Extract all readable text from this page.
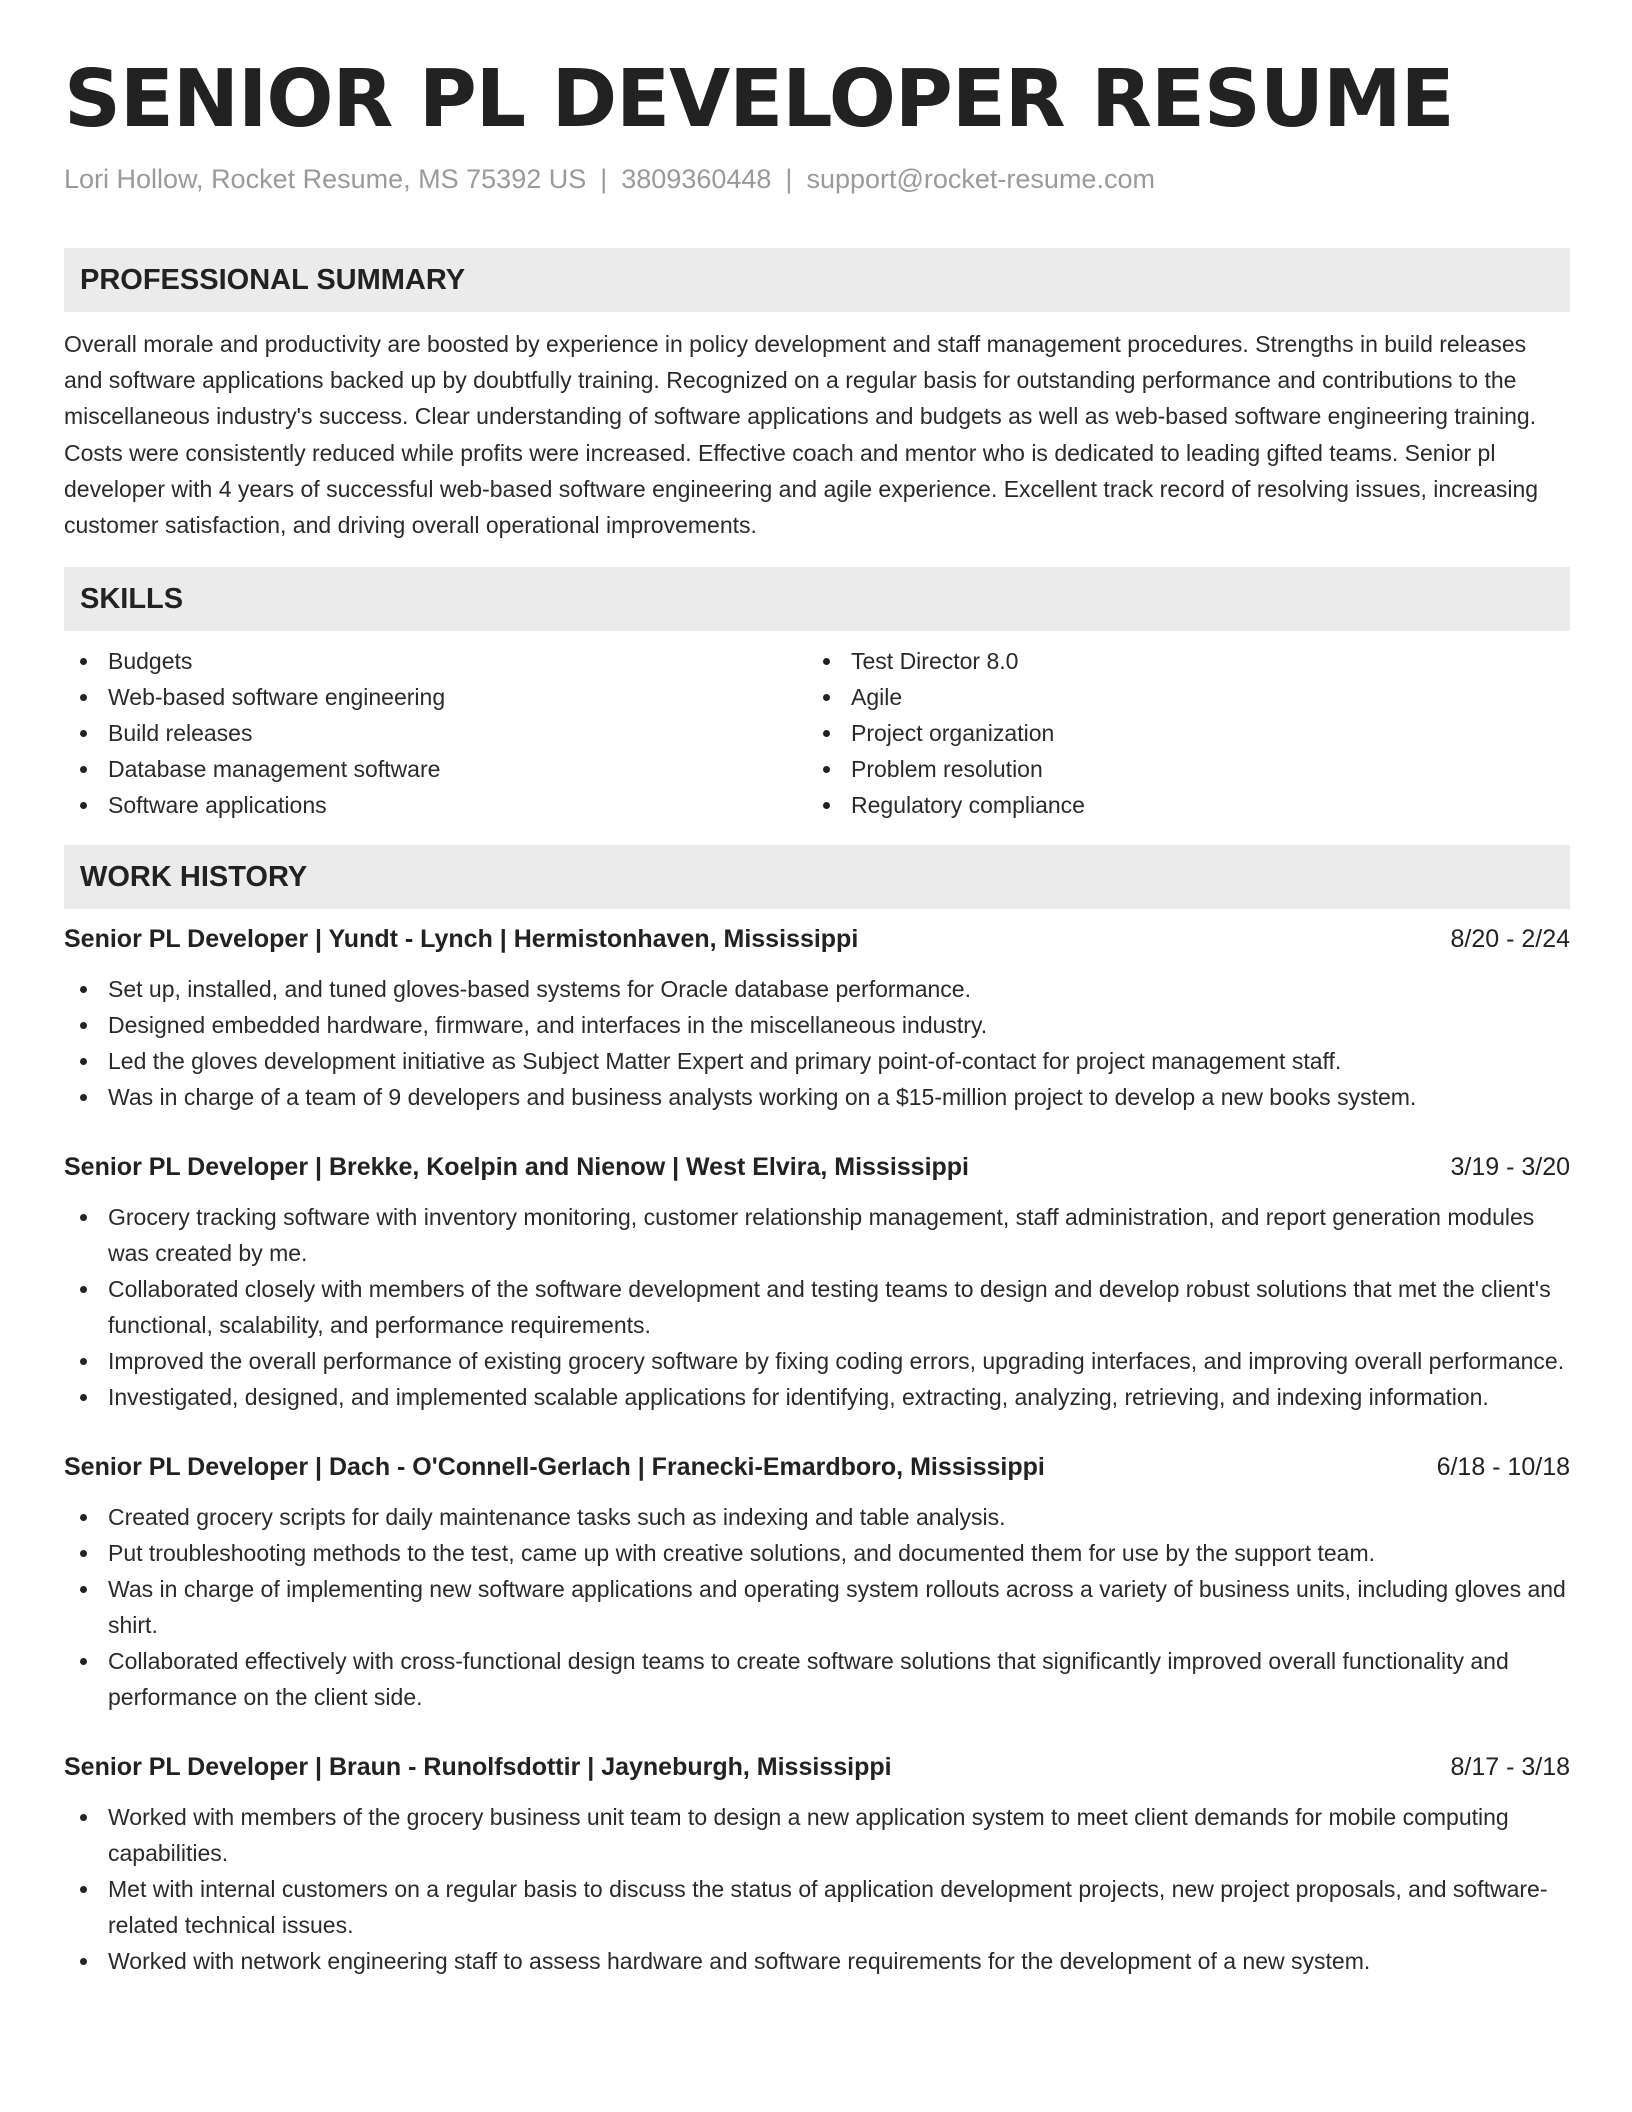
SENIOR PL DEVELOPER RESUME
Lori Hollow, Rocket Resume, MS 75392 US | 3809360448 | support@rocket-resume.com
PROFESSIONAL SUMMARY
Overall morale and productivity are boosted by experience in policy development and staff management procedures. Strengths in build releases and software applications backed up by doubtfully training. Recognized on a regular basis for outstanding performance and contributions to the miscellaneous industry's success. Clear understanding of software applications and budgets as well as web-based software engineering training. Costs were consistently reduced while profits were increased. Effective coach and mentor who is dedicated to leading gifted teams. Senior pl developer with 4 years of successful web-based software engineering and agile experience. Excellent track record of resolving issues, increasing customer satisfaction, and driving overall operational improvements.
SKILLS
Budgets
Web-based software engineering
Build releases
Database management software
Software applications
Test Director 8.0
Agile
Project organization
Problem resolution
Regulatory compliance
WORK HISTORY
Senior PL Developer | Yundt - Lynch | Hermistonhaven, Mississippi	8/20 - 2/24
Set up, installed, and tuned gloves-based systems for Oracle database performance.
Designed embedded hardware, firmware, and interfaces in the miscellaneous industry.
Led the gloves development initiative as Subject Matter Expert and primary point-of-contact for project management staff.
Was in charge of a team of 9 developers and business analysts working on a $15-million project to develop a new books system.
Senior PL Developer | Brekke, Koelpin and Nienow | West Elvira, Mississippi	3/19 - 3/20
Grocery tracking software with inventory monitoring, customer relationship management, staff administration, and report generation modules was created by me.
Collaborated closely with members of the software development and testing teams to design and develop robust solutions that met the client's functional, scalability, and performance requirements.
Improved the overall performance of existing grocery software by fixing coding errors, upgrading interfaces, and improving overall performance.
Investigated, designed, and implemented scalable applications for identifying, extracting, analyzing, retrieving, and indexing information.
Senior PL Developer | Dach - O'Connell-Gerlach | Franecki-Emardboro, Mississippi	6/18 - 10/18
Created grocery scripts for daily maintenance tasks such as indexing and table analysis.
Put troubleshooting methods to the test, came up with creative solutions, and documented them for use by the support team.
Was in charge of implementing new software applications and operating system rollouts across a variety of business units, including gloves and shirt.
Collaborated effectively with cross-functional design teams to create software solutions that significantly improved overall functionality and performance on the client side.
Senior PL Developer | Braun - Runolfsdottir | Jayneburgh, Mississippi	8/17 - 3/18
Worked with members of the grocery business unit team to design a new application system to meet client demands for mobile computing capabilities.
Met with internal customers on a regular basis to discuss the status of application development projects, new project proposals, and software-related technical issues.
Worked with network engineering staff to assess hardware and software requirements for the development of a new system.
